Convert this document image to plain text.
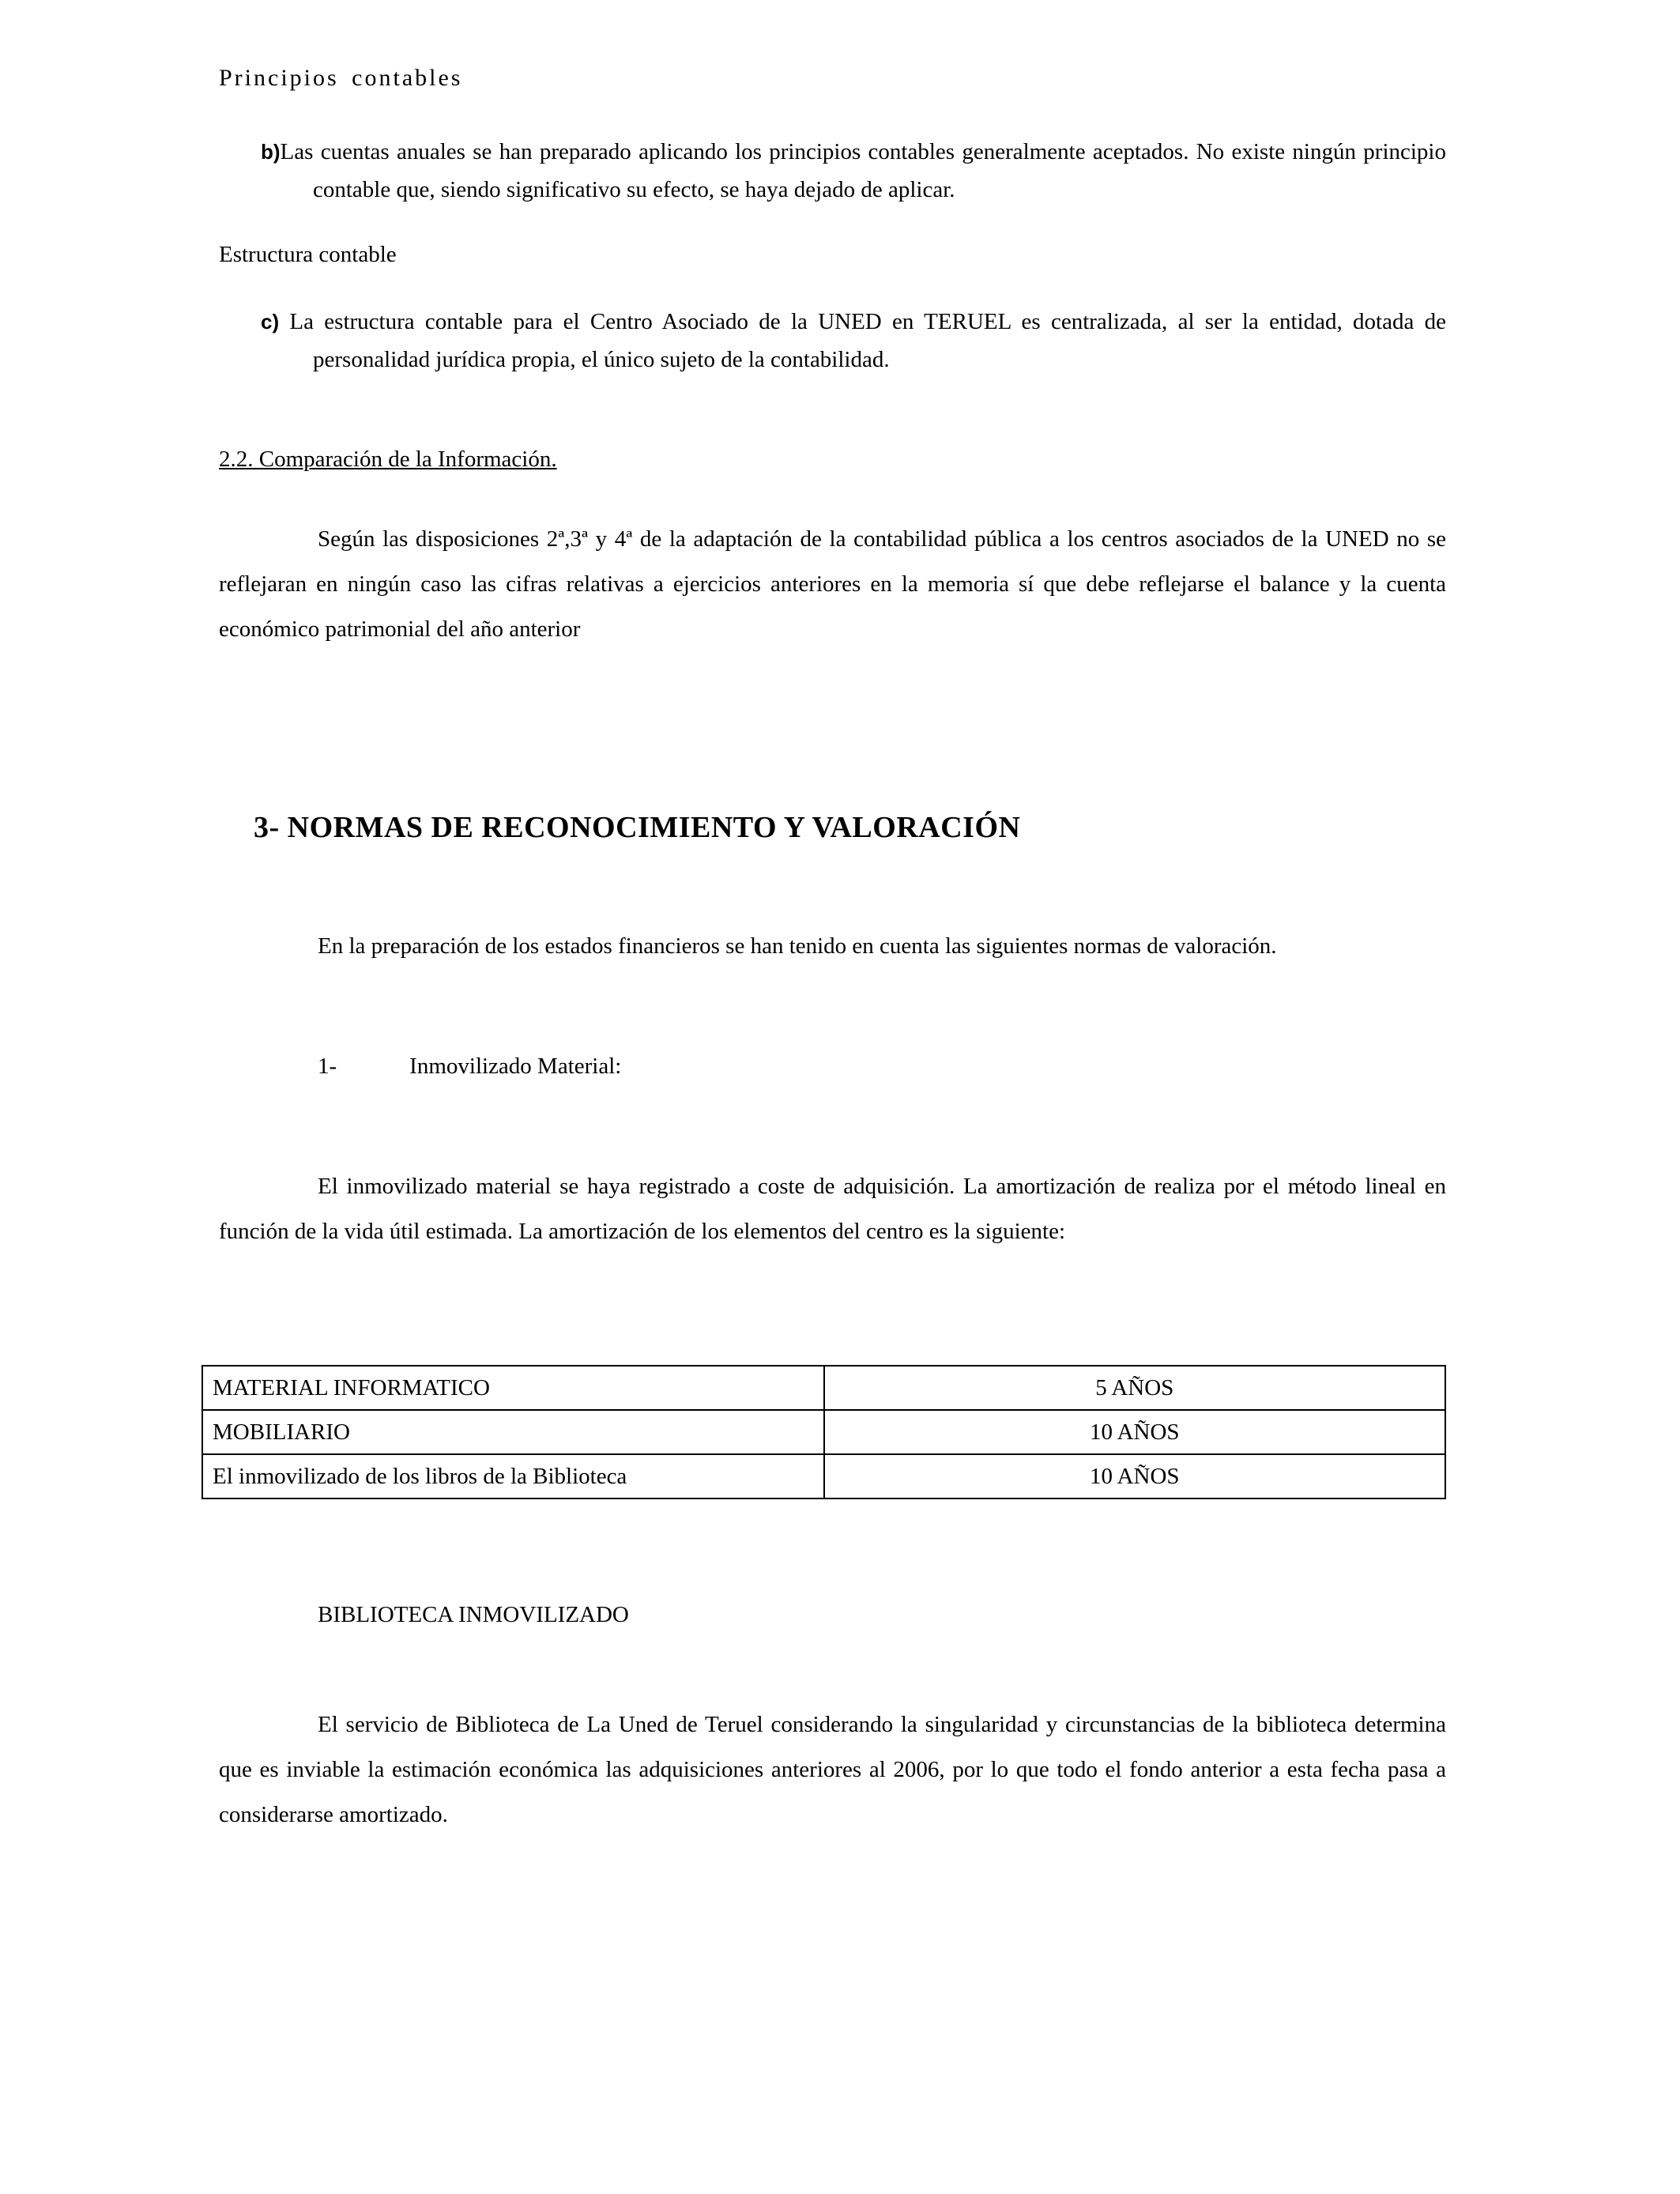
Principios contables
b)Las cuentas anuales se han preparado aplicando los principios contables generalmente aceptados. No existe ningún principio contable que, siendo significativo su efecto, se haya dejado de aplicar.
Estructura contable
c) La estructura contable para el Centro Asociado de la UNED en TERUEL es centralizada, al ser la entidad, dotada de personalidad jurídica propia, el único sujeto de la contabilidad.
2.2. Comparación de la Información.

Según las disposiciones 2ª,3ª y 4ª de la adaptación de la contabilidad pública a los centros asociados de la UNED no se reflejaran en ningún caso las cifras relativas a ejercicios anteriores en la memoria sí que debe reflejarse el balance y la cuenta económico patrimonial del año anterior

3- NORMAS DE RECONOCIMIENTO Y VALORACIÓN

En la preparación de los estados financieros se han tenido en cuenta las siguientes normas de valoración.

1-	Inmovilizado Material:

El inmovilizado material se haya registrado a coste de adquisición. La amortización de realiza por el método lineal en función de la vida útil estimada. La amortización de los elementos del centro es la siguiente:

MATERIAL INFORMATICO	5 AÑOS
MOBILIARIO	10 AÑOS
El inmovilizado de los libros de la Biblioteca	10 AÑOS
BIBLIOTECA INMOVILIZADO

El servicio de Biblioteca de La Uned de Teruel considerando la singularidad y circunstancias de la biblioteca determina que es inviable la estimación económica las adquisiciones anteriores al 2006, por lo que todo el fondo anterior a esta fecha pasa a considerarse amortizado.
